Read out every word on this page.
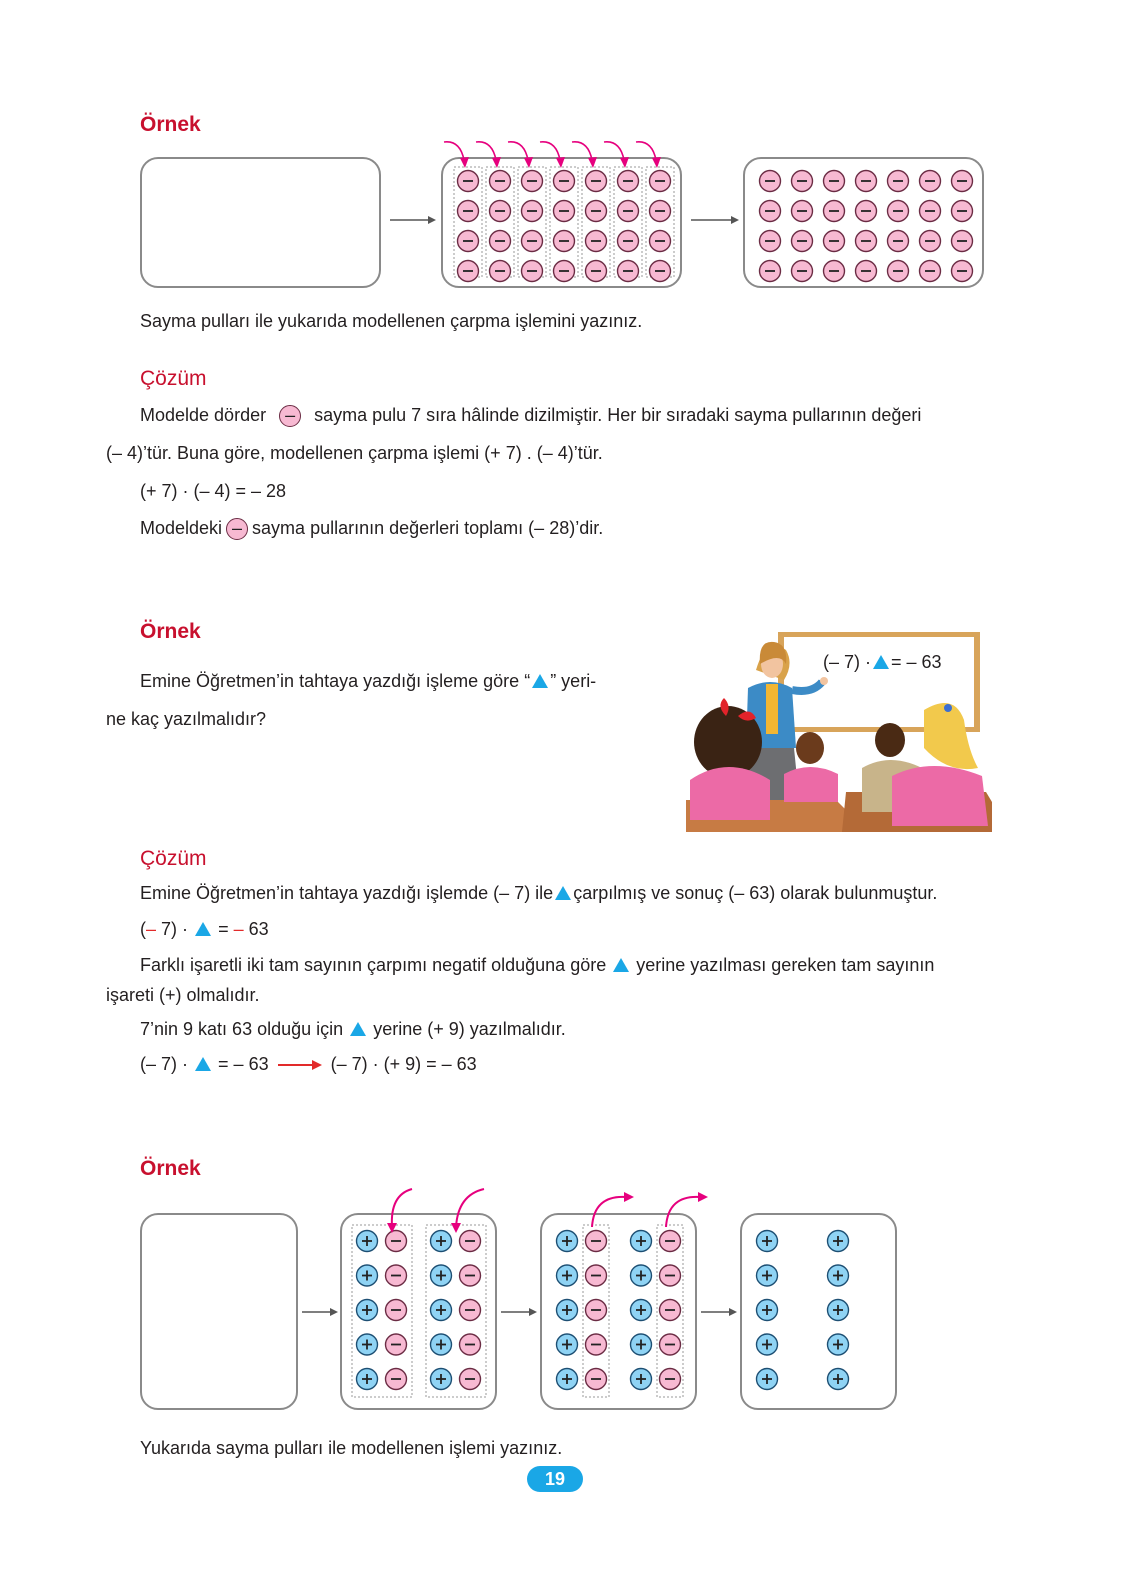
Örnek
Sayma pulları ile yukarıda modellenen çarpma işlemini yazınız.
Çözüm
Modelde dörder – sayma pulu 7 sıra hâlinde dizilmiştir. Her bir sıradaki sayma pullarının değeri
(– 4)’tür. Buna göre, modellenen çarpma işlemi (+ 7) . (– 4)’tür.
(+ 7) · (– 4) = – 28
Modeldeki – sayma pullarının değerleri toplamı (– 28)’dir.
Örnek
Emine Öğretmen’in tahtaya yazdığı işleme göre “ ” yeri-
ne kaç yazılmalıdır?
(– 7) · = – 63
Çözüm
Emine Öğretmen’in tahtaya yazdığı işlemde (– 7) ile çarpılmış ve sonuç (– 63) olarak bulunmuştur.
(– 7) · = – 63
Farklı işaretli iki tam sayının çarpımı negatif olduğuna göre yerine yazılması gereken tam sayının
işareti (+) olmalıdır.
7’nin 9 katı 63 olduğu için yerine (+ 9) yazılmalıdır.
(– 7) · = – 63	(– 7) · (+ 9) = – 63
Örnek
Yukarıda sayma pulları ile modellenen işlemi yazınız.
19
